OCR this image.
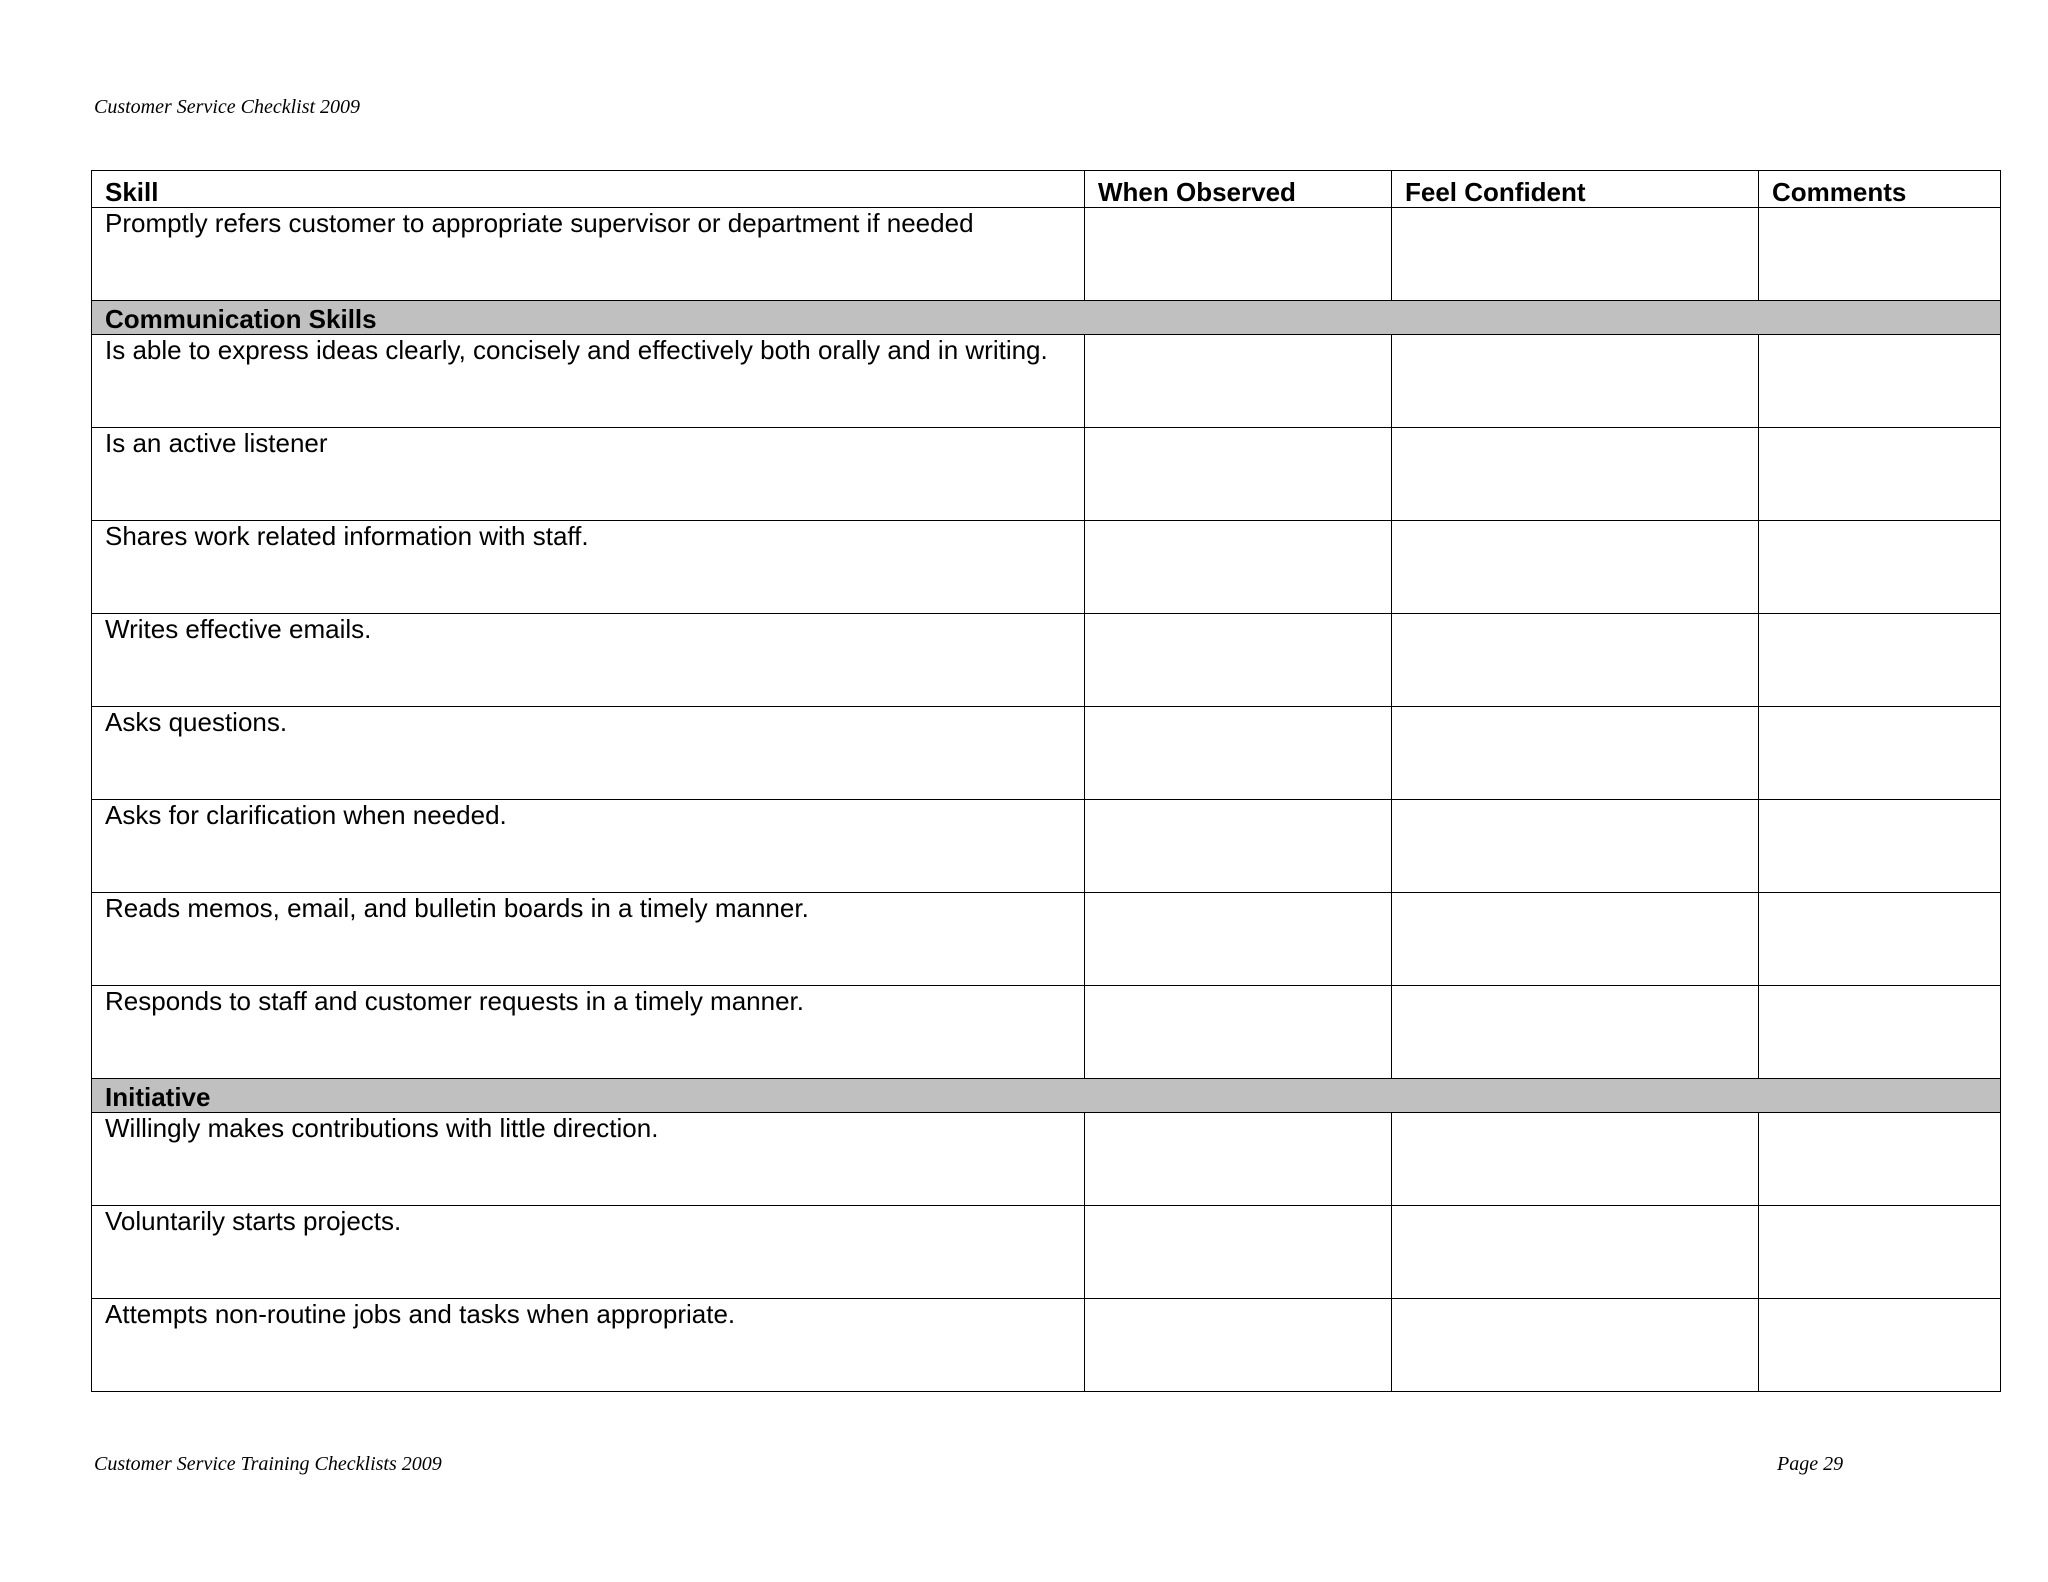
Customer Service Checklist 2009
Skill	When Observed	Feel Confident	Comments
Promptly refers customer to appropriate supervisor or department if needed			
Communication Skills			
Is able to express ideas clearly, concisely and effectively both orally and in writing.			
Is an active listener			
Shares work related information with staff.			
Writes effective emails.			
Asks questions.			
Asks for clarification when needed.			
Reads memos, email, and bulletin boards in a timely manner.			
Responds to staff and customer requests in a timely manner.			
Initiative			
Willingly makes contributions with little direction.			
Voluntarily starts projects.			
Attempts non-routine jobs and tasks when appropriate.			
Customer Service Training Checklists 2009	Page 29
